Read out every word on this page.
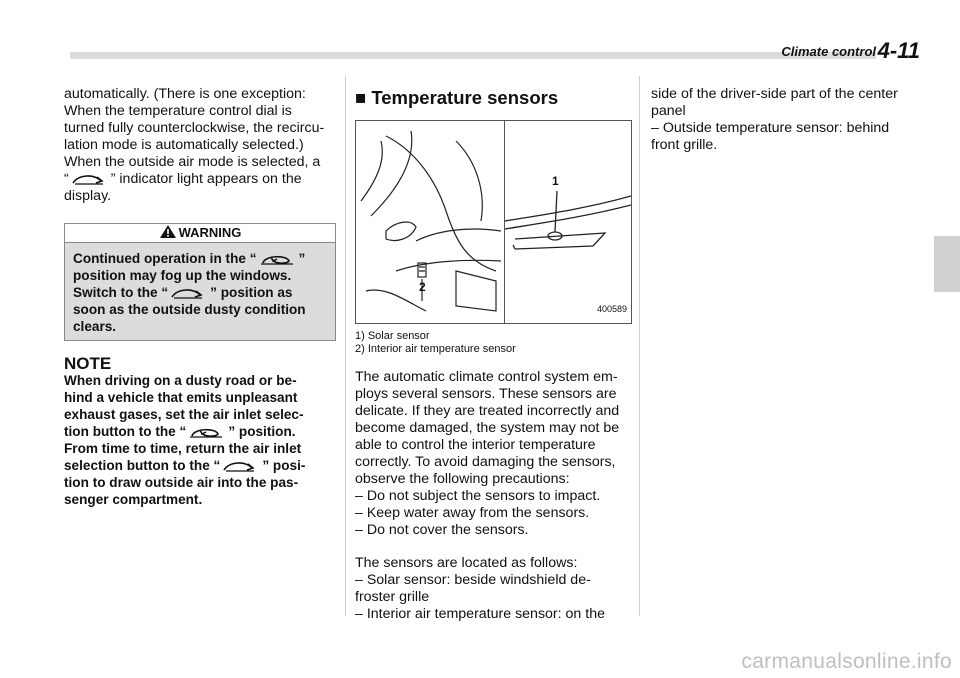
Climate control 4-11

automatically. (There is one exception:

When the temperature control dial is

turned fully counterclockwise, the recircu-

lation mode is automatically selected.)

When the outside air mode is selected, a

“	” indicator light appears on the

display.

WARNING

Continued operation in the “	”

position may fog up the windows.

Switch to the “	” position as

soon as the outside dusty condition

clears.

NOTE

When driving on a dusty road or be-

hind a vehicle that emits unpleasant

exhaust gases, set the air inlet selec-

tion button to the “	” position.

From time to time, return the air inlet

selection button to the “	” posi-

tion to draw outside air into the pas-

senger compartment.

■ Temperature sensors
1
2
400589

1) Solar sensor

2) Interior air temperature sensor

The automatic climate control system em-

ploys several sensors. These sensors are

delicate. If they are treated incorrectly and

become damaged, the system may not be

able to control the interior temperature

correctly. To avoid damaging the sensors,

observe the following precautions:

– Do not subject the sensors to impact.

– Keep water away from the sensors.

– Do not cover the sensors.

The sensors are located as follows:

– Solar sensor: beside windshield de-

froster grille

– Interior air temperature sensor: on the

side of the driver-side part of the center

panel

– Outside temperature sensor: behind

front grille.

carmanualsonline.info
